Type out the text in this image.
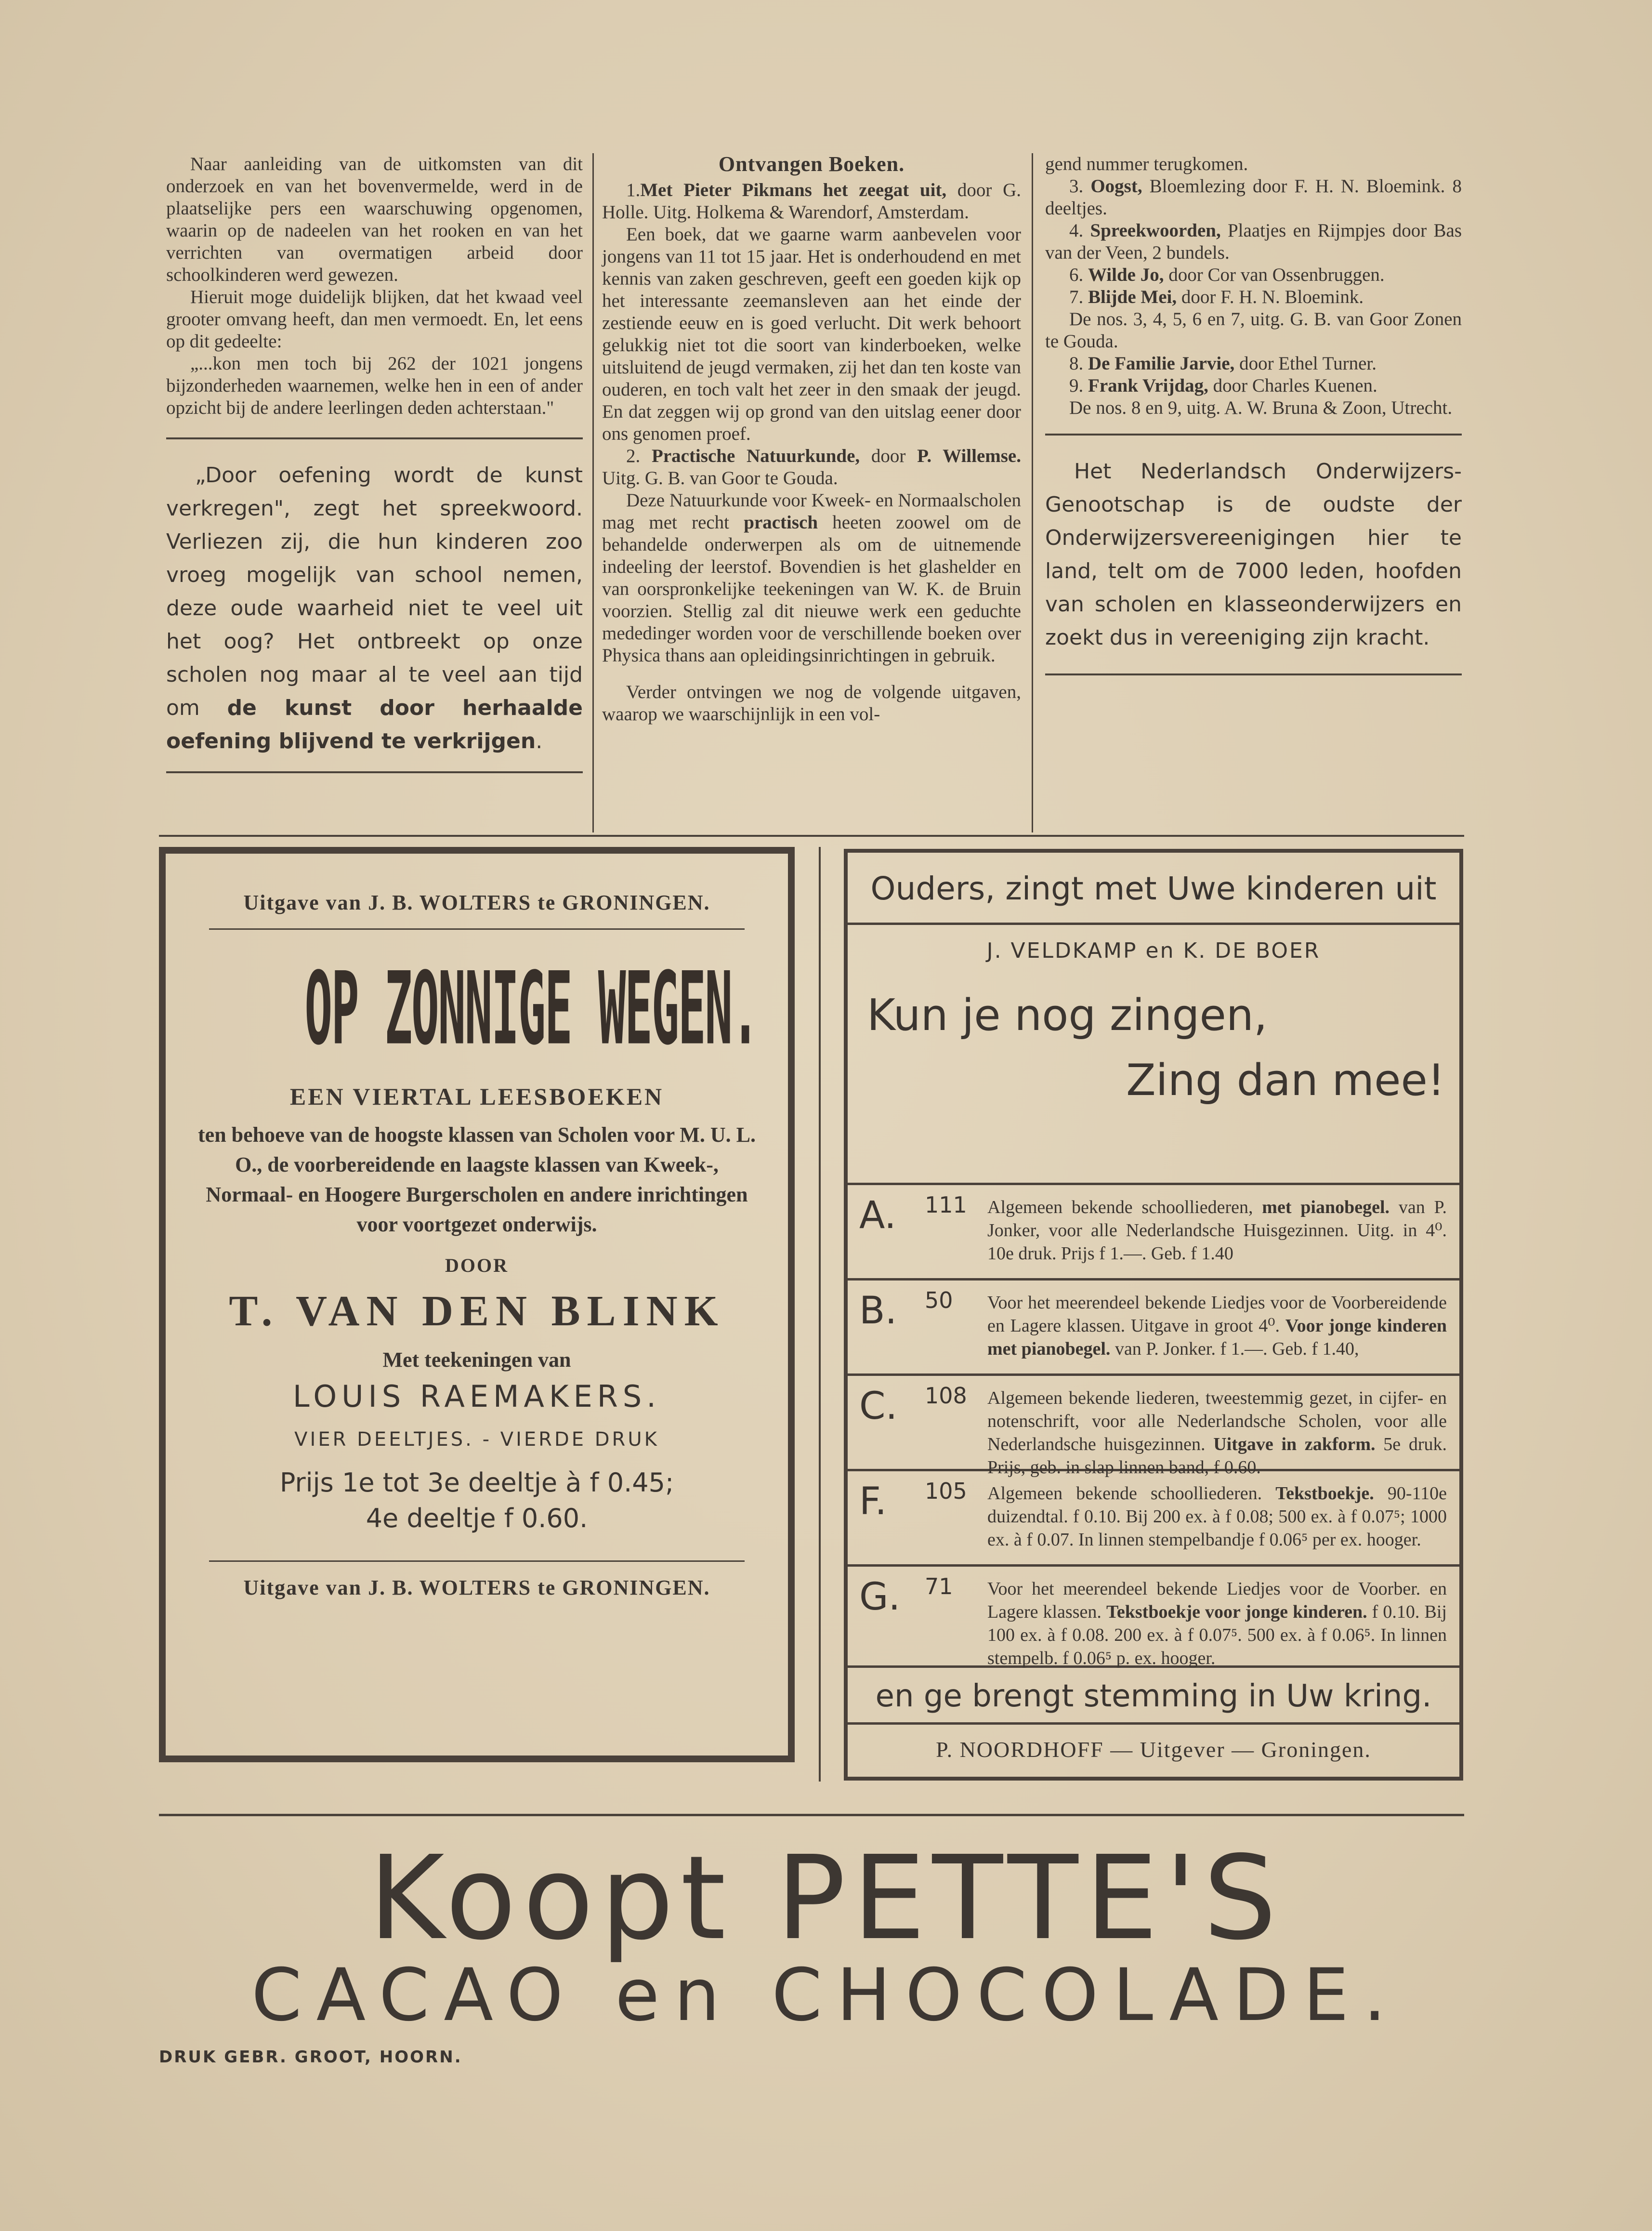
Naar aanleiding van de uitkomsten van dit onderzoek en van het bovenvermelde, werd in de plaatselijke pers een waarschuwing opgenomen, waarin op de nadeelen van het rooken en van het verrichten van overmatigen arbeid door schoolkinderen werd gewezen.

Hieruit moge duidelijk blijken, dat het kwaad veel grooter omvang heeft, dan men vermoedt. En, let eens op dit gedeelte:

„...kon men toch bij 262 der 1021 jongens bijzonderheden waarnemen, welke hen in een of ander opzicht bij de andere leerlingen deden achterstaan."

„Door oefening wordt de kunst verkregen", zegt het spreekwoord. Verliezen zij, die hun kinderen zoo vroeg mogelijk van school nemen, deze oude waarheid niet te veel uit het oog? Het ontbreekt op onze scholen nog maar al te veel aan tijd om de kunst door herhaalde oefening blijvend te verkrijgen.

Ontvangen Boeken.

1.Met Pieter Pikmans het zeegat uit, door G. Holle. Uitg. Holkema & Warendorf, Amsterdam.

Een boek, dat we gaarne warm aanbevelen voor jongens van 11 tot 15 jaar. Het is onderhoudend en met kennis van zaken geschreven, geeft een goeden kijk op het interessante zeemansleven aan het einde der zestiende eeuw en is goed verlucht. Dit werk behoort gelukkig niet tot die soort van kinderboeken, welke uitsluitend de jeugd vermaken, zij het dan ten koste van ouderen, en toch valt het zeer in den smaak der jeugd. En dat zeggen wij op grond van den uitslag eener door ons genomen proef.

2. Practische Natuurkunde, door P. Willemse. Uitg. G. B. van Goor te Gouda.

Deze Natuurkunde voor Kweek- en Normaalscholen mag met recht practisch heeten zoowel om de behandelde onderwerpen als om de uitnemende indeeling der leerstof. Bovendien is het glashelder en van oorspronkelijke teekeningen van W. K. de Bruin voorzien. Stellig zal dit nieuwe werk een geduchte mededinger worden voor de verschillende boeken over Physica thans aan opleidingsinrichtingen in gebruik.

Verder ontvingen we nog de volgende uitgaven, waarop we waarschijnlijk in een vol-

gend nummer terugkomen.

3. Oogst, Bloemlezing door F. H. N. Bloemink. 8 deeltjes.

4. Spreekwoorden, Plaatjes en Rijmpjes door Bas van der Veen, 2 bundels.

6. Wilde Jo, door Cor van Ossenbruggen.

7. Blijde Mei, door F. H. N. Bloemink.

De nos. 3, 4, 5, 6 en 7, uitg. G. B. van Goor Zonen te Gouda.

8. De Familie Jarvie, door Ethel Turner.

9. Frank Vrijdag, door Charles Kuenen.

De nos. 8 en 9, uitg. A. W. Bruna & Zoon, Utrecht.

Het Nederlandsch Onderwijzers-Genootschap is de oudste der Onderwijzersvereenigingen hier te land, telt om de 7000 leden, hoofden van scholen en klasseonderwijzers en zoekt dus in vereeniging zijn kracht.

Uitgave van J. B. WOLTERS te GRONINGEN.
OP ZONNIGE WEGEN.
EEN VIERTAL LEESBOEKEN
ten behoeve van de hoogste klassen van Scholen voor M. U. L. O., de voorbereidende en laagste klassen van Kweek-, Normaal- en Hoogere Burgerscholen en andere inrichtingen voor voortgezet onderwijs.
DOOR
T. VAN DEN BLINK
Met teekeningen van
LOUIS RAEMAKERS.
VIER DEELTJES. - VIERDE DRUK
Prijs 1e tot 3e deeltje à f 0.45;
4e deeltje f 0.60.
Uitgave van J. B. WOLTERS te GRONINGEN.
Ouders, zingt met Uwe kinderen uit
J. VELDKAMP en K. DE BOER
Kun je nog zingen,
Zing dan mee!
A. 111 Algemeen bekende schoolliederen, met pianobegel. van P. Jonker, voor alle Nederlandsche Huisgezinnen. Uitg. in 4⁰. 10e druk. Prijs f 1.—. Geb. f 1.40
B. 50 Voor het meerendeel bekende Liedjes voor de Voorbereidende en Lagere klassen. Uitgave in groot 4⁰. Voor jonge kinderen met pianobegel. van P. Jonker. f 1.—. Geb. f 1.40,
C. 108 Algemeen bekende liederen, tweestemmig gezet, in cijfer- en notenschrift, voor alle Nederlandsche Scholen, voor alle Nederlandsche huisgezinnen. Uitgave in zakform. 5e druk. Prijs, geb. in slap linnen band, f 0.60.
F. 105 Algemeen bekende schoolliederen. Tekstboekje. 90-110e duizendtal. f 0.10. Bij 200 ex. à f 0.08; 500 ex. à f 0.07⁵; 1000 ex. à f 0.07. In linnen stempelbandje f 0.06⁵ per ex. hooger.
G. 71 Voor het meerendeel bekende Liedjes voor de Voorber. en Lagere klassen. Tekstboekje voor jonge kinderen. f 0.10. Bij 100 ex. à f 0.08. 200 ex. à f 0.07⁵. 500 ex. à f 0.06⁵. In linnen stempelb. f 0.06⁵ p. ex. hooger.
en ge brengt stemming in Uw kring.
P. NOORDHOFF — Uitgever — Groningen.
Koopt PETTE'S
CACAO en CHOCOLADE.
DRUK GEBR. GROOT, HOORN.
